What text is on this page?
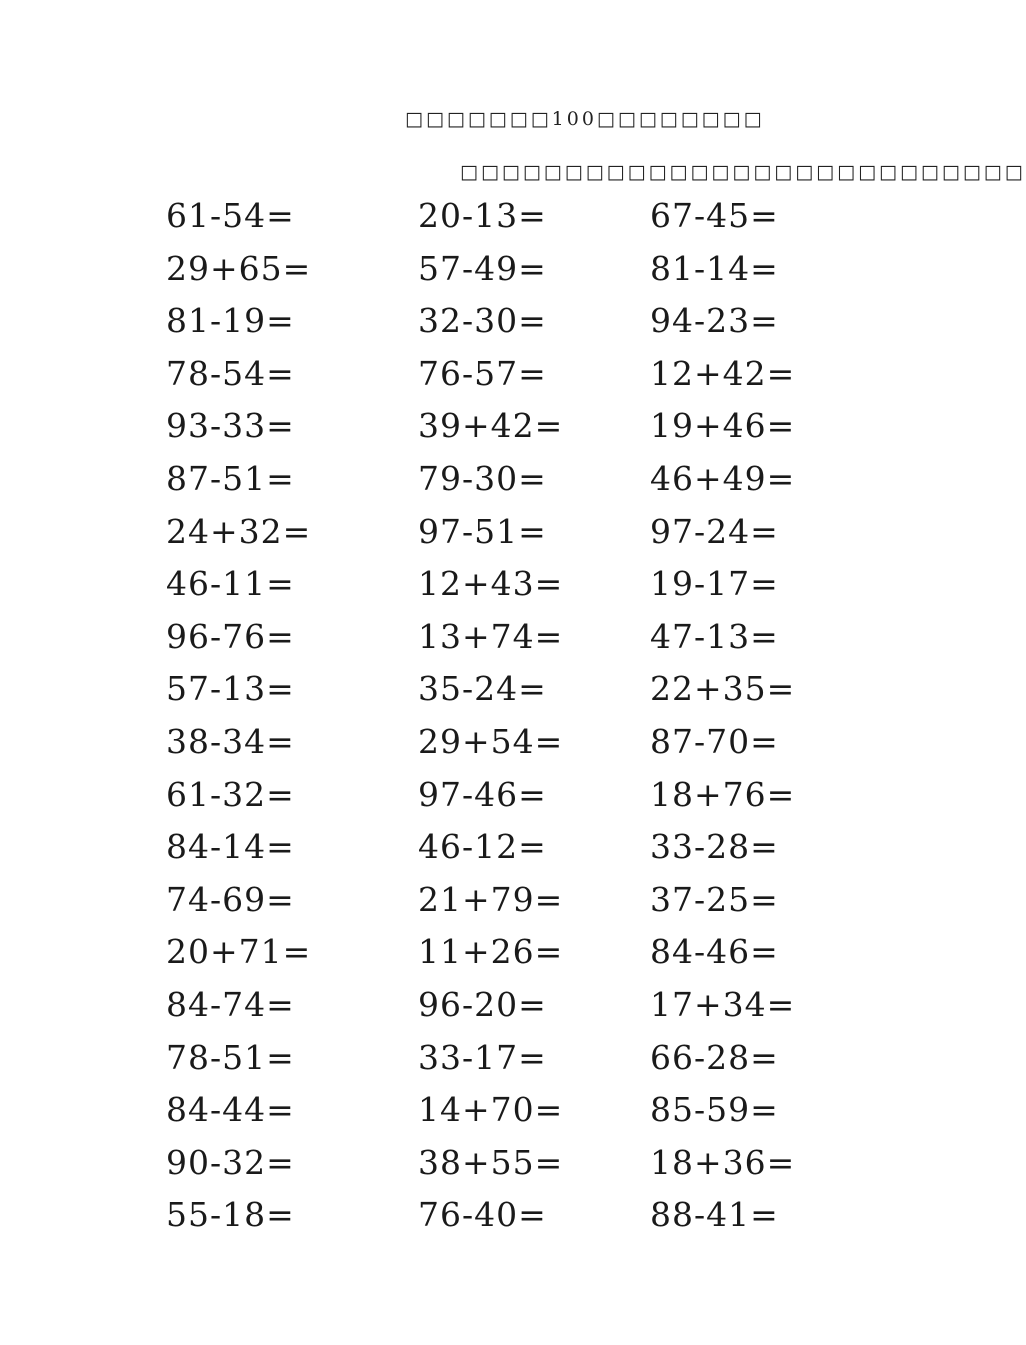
□□□□□□□100□□□□□□□□
□□□□□□□□□□□□□□□□□□□□□□□□□□□
61-54=	20-13=	67-45=
29+65=	57-49=	81-14=
81-19=	32-30=	94-23=
78-54=	76-57=	12+42=
93-33=	39+42=	19+46=
87-51=	79-30=	46+49=
24+32=	97-51=	97-24=
46-11=	12+43=	19-17=
96-76=	13+74=	47-13=
57-13=	35-24=	22+35=
38-34=	29+54=	87-70=
61-32=	97-46=	18+76=
84-14=	46-12=	33-28=
74-69=	21+79=	37-25=
20+71=	11+26=	84-46=
84-74=	96-20=	17+34=
78-51=	33-17=	66-28=
84-44=	14+70=	85-59=
90-32=	38+55=	18+36=
55-18=	76-40=	88-41=
